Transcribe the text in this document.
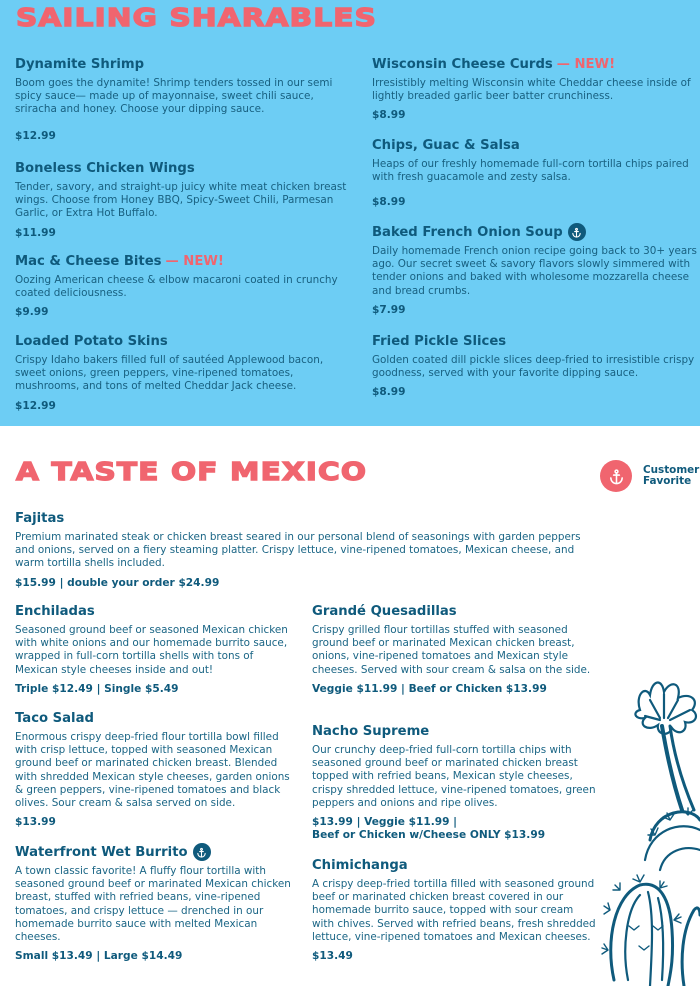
SAILING SHARABLES
Dynamite Shrimp
Boom goes the dynamite! Shrimp tenders tossed in our semi spicy sauce— made up of mayonnaise, sweet chili sauce, sriracha and honey. Choose your dipping sauce.
$12.99
Boneless Chicken Wings
Tender, savory, and straight-up juicy white meat chicken breast wings. Choose from Honey BBQ, Spicy-Sweet Chili, Parmesan Garlic, or Extra Hot Buffalo.
$11.99
Mac & Cheese Bites — NEW!
Oozing American cheese & elbow macaroni coated in crunchy coated deliciousness.
$9.99
Loaded Potato Skins
Crispy Idaho bakers filled full of sautéed Applewood bacon, sweet onions, green peppers, vine-ripened tomatoes, mushrooms, and tons of melted Cheddar Jack cheese.
$12.99
Wisconsin Cheese Curds — NEW!
Irresistibly melting Wisconsin white Cheddar cheese inside of lightly breaded garlic beer batter crunchiness.
$8.99
Chips, Guac & Salsa
Heaps of our freshly homemade full-corn tortilla chips paired with fresh guacamole and zesty salsa.
$8.99
Baked French Onion Soup
Daily homemade French onion recipe going back to 30+ years ago. Our secret sweet & savory flavors slowly simmered with tender onions and baked with wholesome mozzarella cheese and bread crumbs.
$7.99
Fried Pickle Slices
Golden coated dill pickle slices deep-fried to irresistible crispy goodness, served with your favorite dipping sauce.
$8.99
A TASTE OF MEXICO	Customer
Favorite
Fajitas
Premium marinated steak or chicken breast seared in our personal blend of seasonings with garden peppers and onions, served on a fiery steaming platter. Crispy lettuce, vine-ripened tomatoes, Mexican cheese, and warm tortilla shells included.
$15.99 | double your order $24.99
Enchiladas
Seasoned ground beef or seasoned Mexican chicken with white onions and our homemade burrito sauce, wrapped in full-corn tortilla shells with tons of Mexican style cheeses inside and out!
Triple $12.49 | Single $5.49
Taco Salad
Enormous crispy deep-fried flour tortilla bowl filled with crisp lettuce, topped with seasoned Mexican ground beef or marinated chicken breast. Blended with shredded Mexican style cheeses, garden onions & green peppers, vine-ripened tomatoes and black olives. Sour cream & salsa served on side.
$13.99
Waterfront Wet Burrito
A town classic favorite! A fluffy flour tortilla with seasoned ground beef or marinated Mexican chicken breast, stuffed with refried beans, vine-ripened tomatoes, and crispy lettuce — drenched in our homemade burrito sauce with melted Mexican cheeses.
Small $13.49 | Large $14.49
Grandé Quesadillas
Crispy grilled flour tortillas stuffed with seasoned ground beef or marinated Mexican chicken breast, onions, vine-ripened tomatoes and Mexican style cheeses. Served with sour cream & salsa on the side.
Veggie $11.99 | Beef or Chicken $13.99
Nacho Supreme
Our crunchy deep-fried full-corn tortilla chips with seasoned ground beef or marinated chicken breast topped with refried beans, Mexican style cheeses, crispy shredded lettuce, vine-ripened tomatoes, green peppers and onions and ripe olives.
$13.99 | Veggie $11.99 |
Beef or Chicken w/Cheese ONLY $13.99
Chimichanga
A crispy deep-fried tortilla filled with seasoned ground beef or marinated chicken breast covered in our homemade burrito sauce, topped with sour cream with chives. Served with refried beans, fresh shredded lettuce, vine-ripened tomatoes and Mexican cheeses.
$13.49
